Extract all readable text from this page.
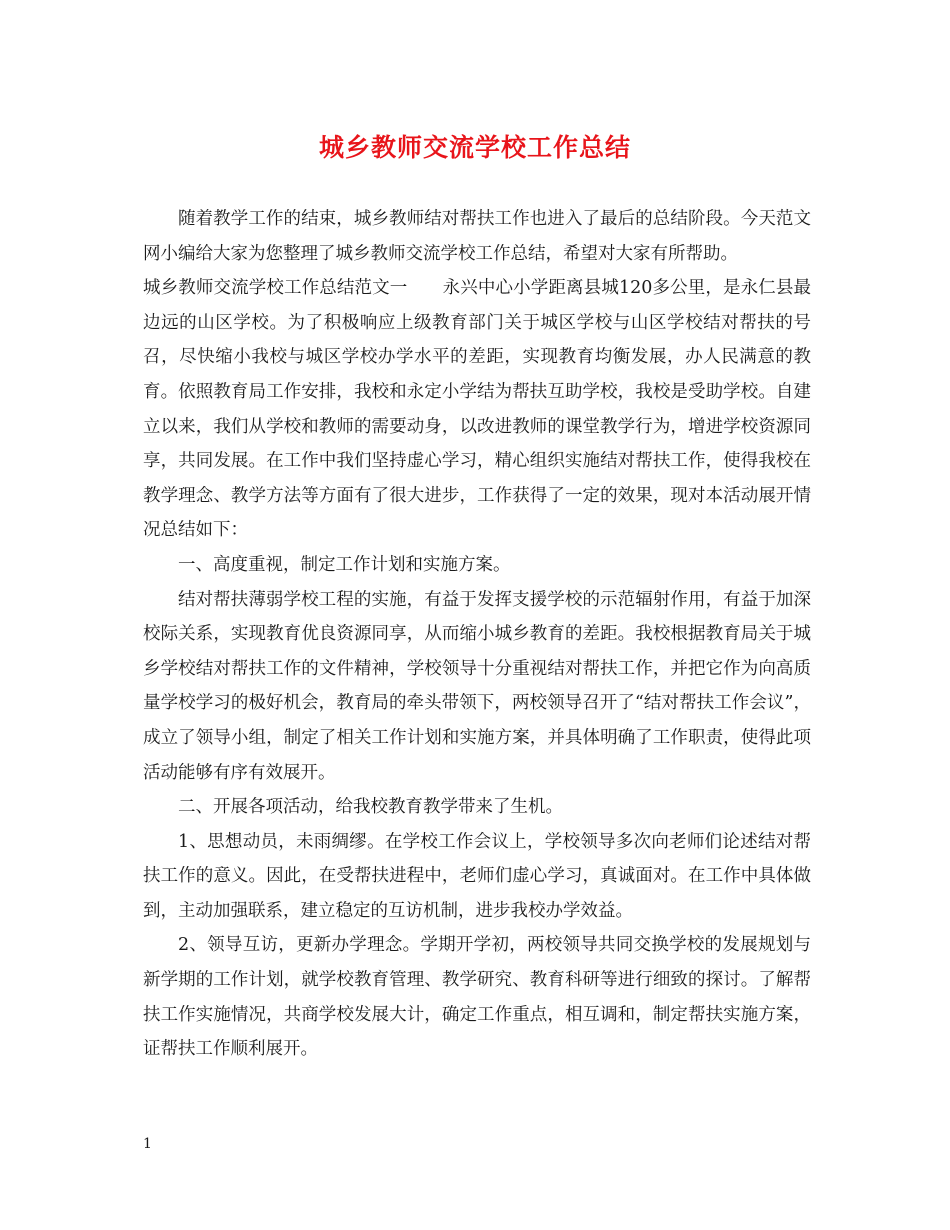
城乡教师交流学校工作总结

随着教学工作的结束，城乡教师结对帮扶工作也进入了最后的总结阶段。今天范文网小编给大家为您整理了城乡教师交流学校工作总结，希望对大家有所帮助。

城乡教师交流学校工作总结范文一　　永兴中心小学距离县城120多公里，是永仁县最边远的山区学校。为了积极响应上级教育部门关于城区学校与山区学校结对帮扶的号召，尽快缩小我校与城区学校办学水平的差距，实现教育均衡发展，办人民满意的教育。依照教育局工作安排，我校和永定小学结为帮扶互助学校，我校是受助学校。自建立以来，我们从学校和教师的需要动身，以改进教师的课堂教学行为，增进学校资源同享，共同发展。在工作中我们坚持虚心学习，精心组织实施结对帮扶工作，使得我校在教学理念、教学方法等方面有了很大进步，工作获得了一定的效果，现对本活动展开情况总结如下：

一、高度重视，制定工作计划和实施方案。

结对帮扶薄弱学校工程的实施，有益于发挥支援学校的示范辐射作用，有益于加深校际关系，实现教育优良资源同享，从而缩小城乡教育的差距。我校根据教育局关于城乡学校结对帮扶工作的文件精神，学校领导十分重视结对帮扶工作，并把它作为向高质量学校学习的极好机会，教育局的牵头带领下，两校领导召开了“结对帮扶工作会议”，成立了领导小组，制定了相关工作计划和实施方案，并具体明确了工作职责，使得此项活动能够有序有效展开。

二、开展各项活动，给我校教育教学带来了生机。

1、思想动员，未雨绸缪。在学校工作会议上，学校领导多次向老师们论述结对帮扶工作的意义。因此，在受帮扶进程中，老师们虚心学习，真诚面对。在工作中具体做到，主动加强联系，建立稳定的互访机制，进步我校办学效益。

2、领导互访，更新办学理念。学期开学初，两校领导共同交换学校的发展规划与新学期的工作计划，就学校教育管理、教学研究、教育科研等进行细致的探讨。了解帮扶工作实施情况，共商学校发展大计，确定工作重点，相互调和，制定帮扶实施方案，证帮扶工作顺利展开。

1
